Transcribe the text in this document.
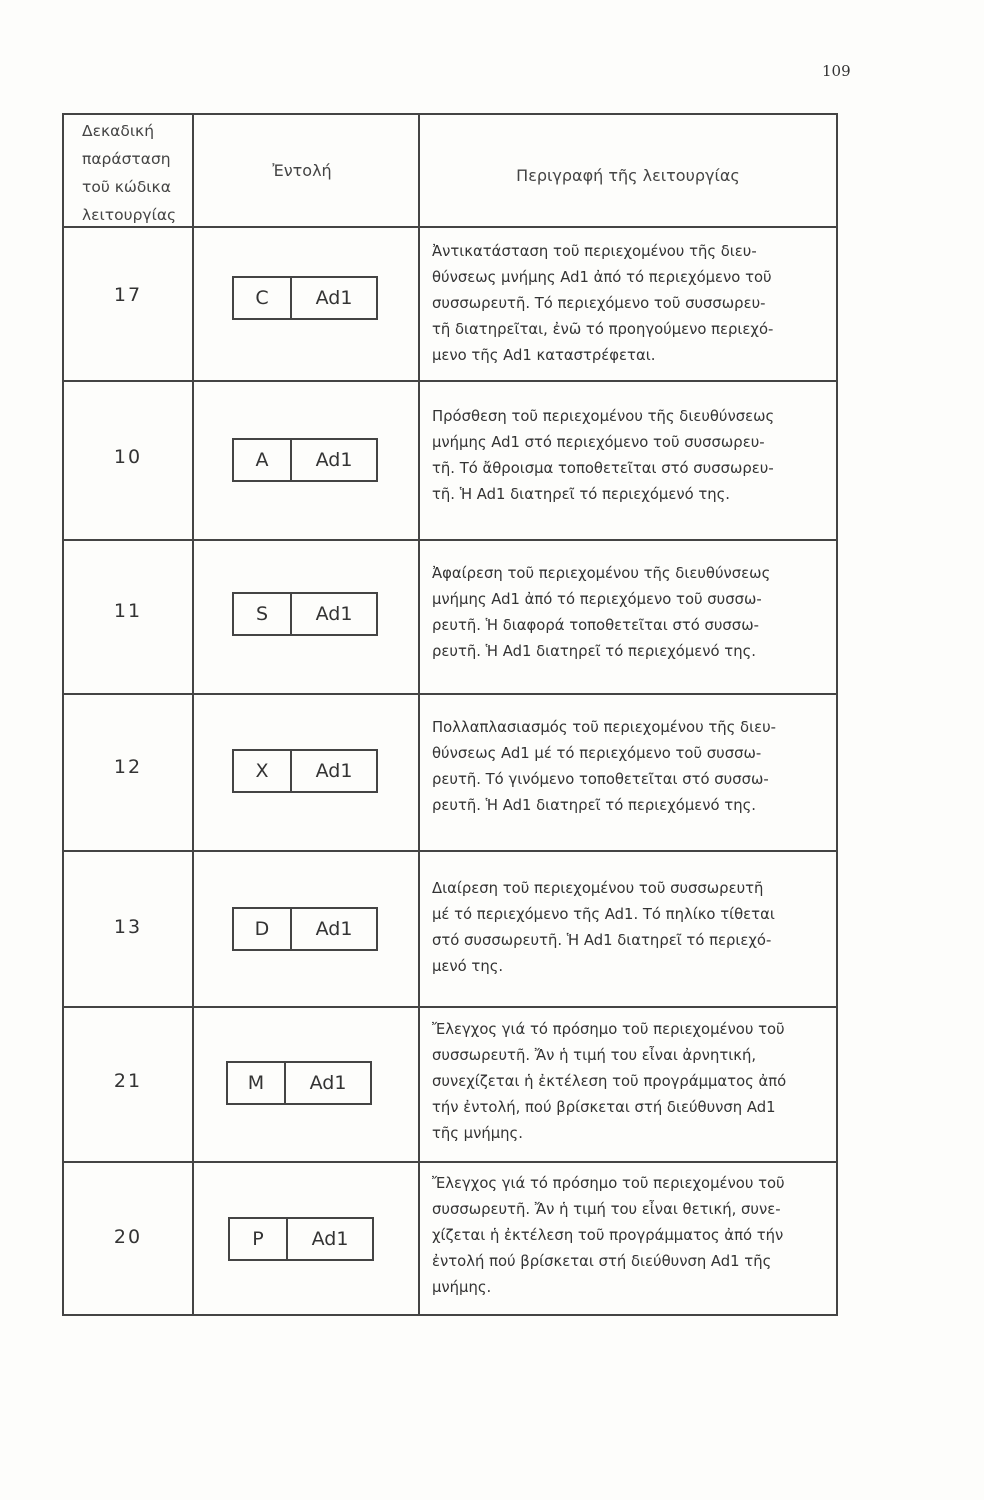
109
Δεκαδική
παράσταση
τοῦ κώδικα
λειτουργίας
Ἐντολή	Περιγραφή τῆς λειτουργίας
17	C	Ad1
Ἀντικατάσταση τοῦ περιεχομένου τῆς διευ-
θύνσεως μνήμης Ad1 ἀπό τό περιεχόμενο τοῦ
συσσωρευτῆ. Τό περιεχόμενο τοῦ συσσωρευ-
τῆ διατηρεῖται, ἐνῶ τό προηγούμενο περιεχό-
μενο τῆς Ad1 καταστρέφεται.
10	A	Ad1
Πρόσθεση τοῦ περιεχομένου τῆς διευθύνσεως
μνήμης Ad1 στό περιεχόμενο τοῦ συσσωρευ-
τῆ. Τό ἄθροισμα τοποθετεῖται στό συσσωρευ-
τῆ. Ἡ Ad1 διατηρεῖ τό περιεχόμενό της.
11	S	Ad1
Ἀφαίρεση τοῦ περιεχομένου τῆς διευθύνσεως
μνήμης Ad1 ἀπό τό περιεχόμενο τοῦ συσσω-
ρευτῆ. Ἡ διαφορά τοποθετεῖται στό συσσω-
ρευτῆ. Ἡ Ad1 διατηρεῖ τό περιεχόμενό της.
12	X	Ad1
Πολλαπλασιασμός τοῦ περιεχομένου τῆς διευ-
θύνσεως Ad1 μέ τό περιεχόμενο τοῦ συσσω-
ρευτῆ. Τό γινόμενο τοποθετεῖται στό συσσω-
ρευτῆ. Ἡ Ad1 διατηρεῖ τό περιεχόμενό της.
13	D	Ad1
Διαίρεση τοῦ περιεχομένου τοῦ συσσωρευτῆ
μέ τό περιεχόμενο τῆς Ad1. Τό πηλίκο τίθεται
στό συσσωρευτῆ. Ἡ Ad1 διατηρεῖ τό περιεχό-
μενό της.
21	M	Ad1
Ἔλεγχος γιά τό πρόσημο τοῦ περιεχομένου τοῦ
συσσωρευτῆ. Ἄν ἡ τιμή του εἶναι ἀρνητική,
συνεχίζεται ἡ ἐκτέλεση τοῦ προγράμματος ἀπό
τήν ἐντολή, πού βρίσκεται στή διεύθυνση Ad1
τῆς μνήμης.
20	P	Ad1
Ἔλεγχος γιά τό πρόσημο τοῦ περιεχομένου τοῦ
συσσωρευτῆ. Ἄν ἡ τιμή του εἶναι θετική, συνε-
χίζεται ἡ ἐκτέλεση τοῦ προγράμματος ἀπό τήν
ἐντολή πού βρίσκεται στή διεύθυνση Ad1 τῆς
μνήμης.
